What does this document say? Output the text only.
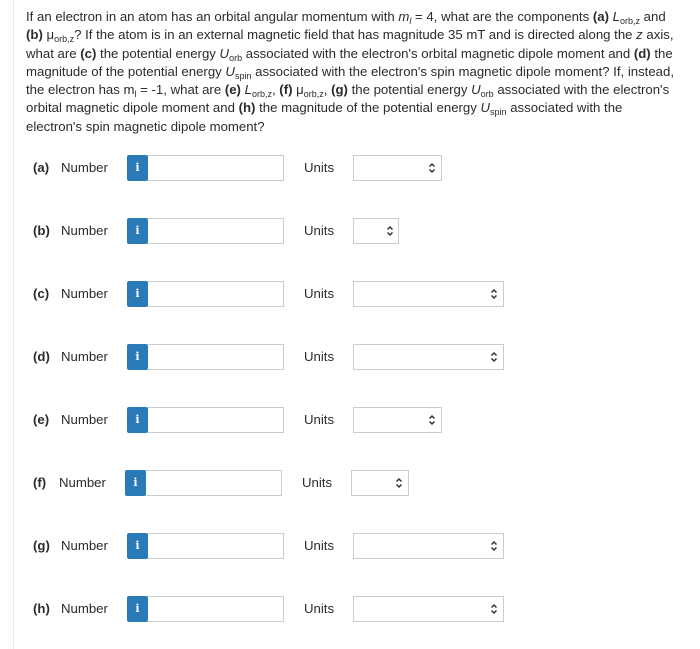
If an electron in an atom has an orbital angular momentum with $m_l = 4$, what are the components (a) $L_{orb,z}$ and
(b) $\mu_{orb,z}$? If the atom is in an external magnetic field that has magnitude 35 mT and is directed along the z axis,
what are (c) the potential energy $U_{orb}$ associated with the electron's orbital magnetic dipole moment and (d) the
magnitude of the potential energy $U_{spin}$ associated with the electron's spin magnetic dipole moment? If, instead,
the electron has $m_l = -1$, what are (e) $L_{orb,z}$, (f) $\mu_{orb,z}$, (g) the potential energy $U_{orb}$ associated with the electron's
orbital magnetic dipole moment and (h) the magnitude of the potential energy $U_{spin}$ associated with the
electron's spin magnetic dipole moment?
(a) Number	i	Units
(b) Number	i	Units
(c) Number	i	Units
(d) Number	i	Units
(e) Number	i	Units
(f) Number	i	Units
(g) Number	i	Units
(h) Number	i	Units
